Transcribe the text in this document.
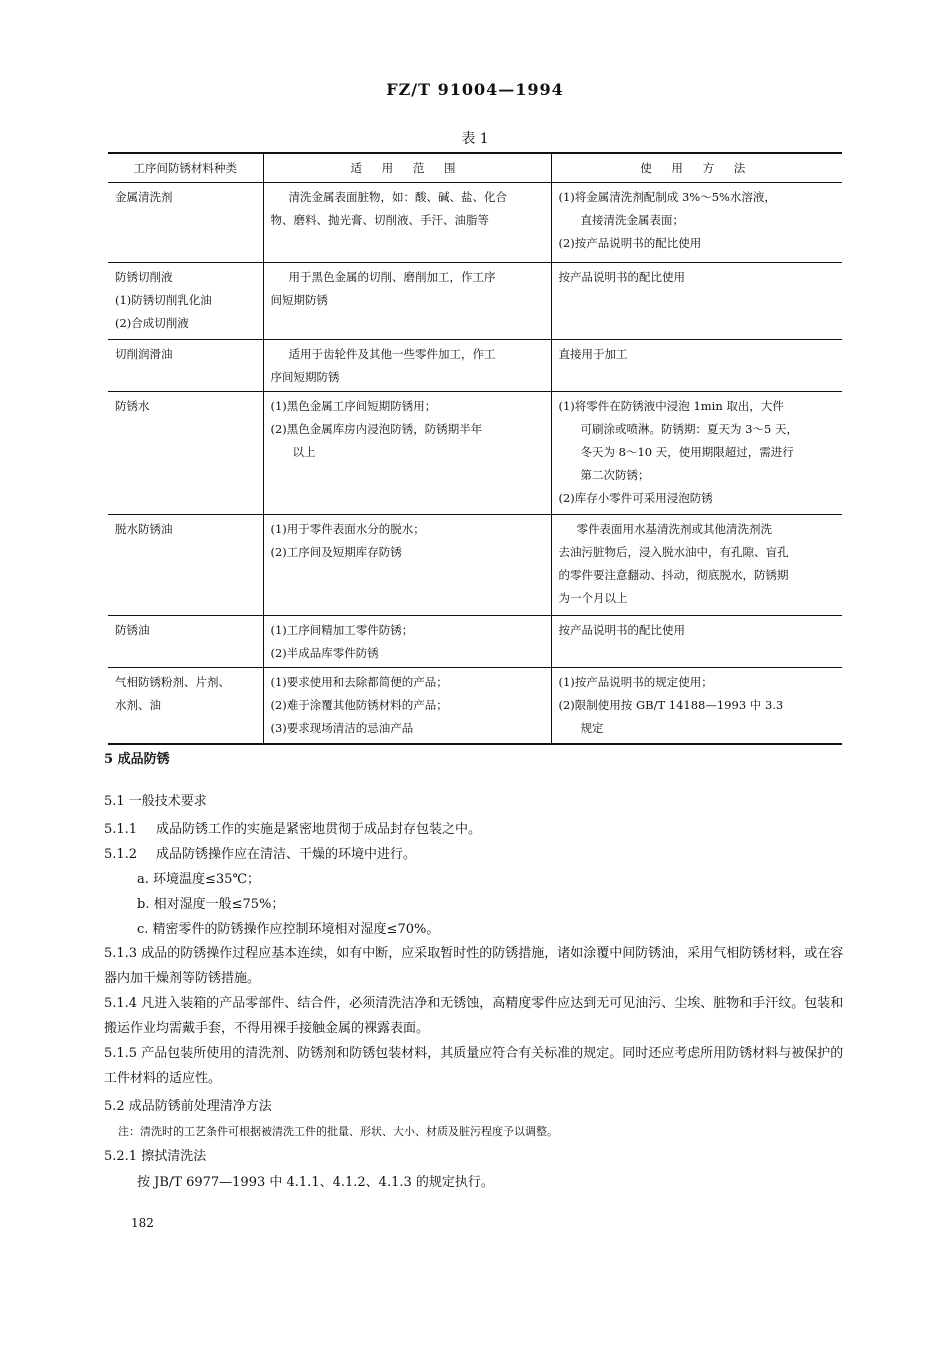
FZ/T 91004—1994
表 1
工序间防锈材料种类	适 用 范 围	使 用 方 法

金属清洗剂	清洗金属表面脏物，如：酸、碱、盐、化合
物、磨料、抛光膏、切削液、手汗、油脂等	(1)将金属清洗剂配制成 3%～5%水溶液，
直接清洗金属表面；
(2)按产品说明书的配比使用

防锈切削液
(1)防锈切削乳化油
(2)合成切削液	用于黑色金属的切削、磨削加工，作工序
间短期防锈	按产品说明书的配比使用

切削润滑油	适用于齿轮件及其他一些零件加工，作工
序间短期防锈	直接用于加工

防锈水	(1)黑色金属工序间短期防锈用；
(2)黑色金属库房内浸泡防锈，防锈期半年
以上	(1)将零件在防锈液中浸泡 1min 取出，大件
可刷涂或喷淋。防锈期：夏天为 3～5 天，
冬天为 8～10 天，使用期限超过，需进行
第二次防锈；
(2)库存小零件可采用浸泡防锈

脱水防锈油	(1)用于零件表面水分的脱水；
(2)工序间及短期库存防锈	零件表面用水基清洗剂或其他清洗剂洗
去油污脏物后，浸入脱水油中，有孔隙、盲孔
的零件要注意翻动、抖动，彻底脱水，防锈期
为一个月以上

防锈油	(1)工序间精加工零件防锈；
(2)半成品库零件防锈	按产品说明书的配比使用

气相防锈粉剂、片剂、
水剂、油	(1)要求使用和去除都简便的产品；
(2)难于涂覆其他防锈材料的产品；
(3)要求现场清洁的忌油产品	(1)按产品说明书的规定使用；
(2)限制使用按 GB/T 14188—1993 中 3.3
规定
5 成品防锈
5.1 一般技术要求
5.1.1 成品防锈工作的实施是紧密地贯彻于成品封存包装之中。
5.1.2 成品防锈操作应在清洁、干燥的环境中进行。
a. 环境温度≤35℃；
b. 相对湿度一般≤75%；
c. 精密零件的防锈操作应控制环境相对湿度≤70%。
5.1.3 成品的防锈操作过程应基本连续，如有中断，应采取暂时性的防锈措施，诸如涂覆中间防锈油，采用气相防锈材料，或在容器内加干燥剂等防锈措施。
5.1.4 凡进入装箱的产品零部件、结合件，必须清洗洁净和无锈蚀，高精度零件应达到无可见油污、尘埃、脏物和手汗纹。包装和搬运作业均需戴手套，不得用裸手接触金属的裸露表面。
5.1.5 产品包装所使用的清洗剂、防锈剂和防锈包装材料，其质量应符合有关标准的规定。同时还应考虑所用防锈材料与被保护的工件材料的适应性。
5.2 成品防锈前处理清净方法
注：清洗时的工艺条件可根据被清洗工件的批量、形状、大小、材质及脏污程度予以调整。
5.2.1 擦拭清洗法
按 JB/T 6977—1993 中 4.1.1、4.1.2、4.1.3 的规定执行。
182
